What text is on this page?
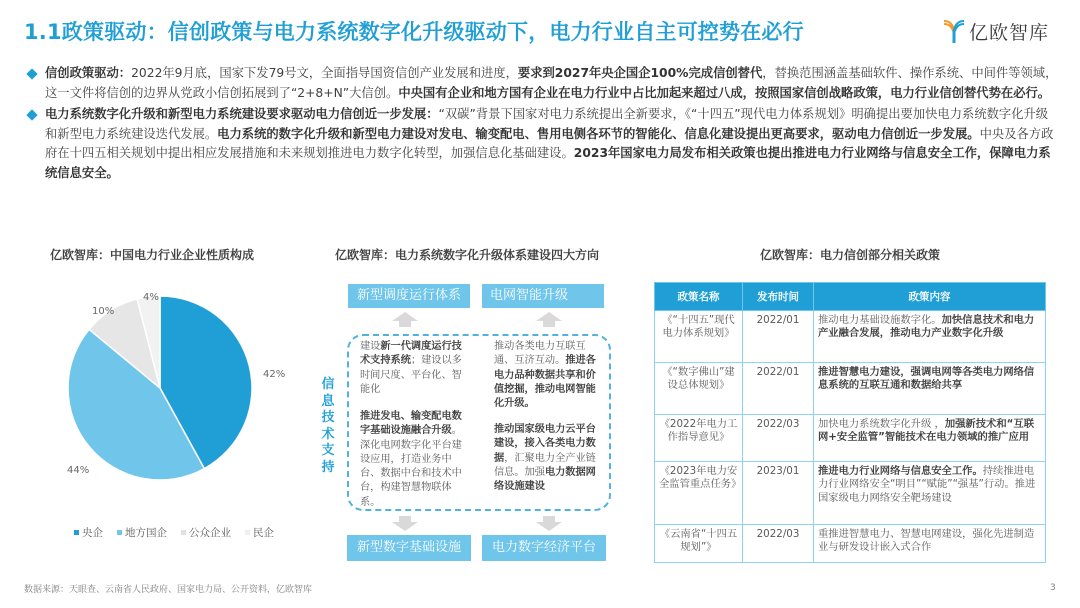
1.1政策驱动：信创政策与电力系统数字化升级驱动下，电力行业自主可控势在必行	亿欧智库
信创政策驱动：2022年9月底，国家下发79号文，全面指导国资信创产业发展和进度，要求到2027年央企国企100%完成信创替代，替换范围涵盖基础软件、操作系统、中间件等领域，这一文件将信创的边界从党政小信创拓展到了“2+8+N”大信创。中央国有企业和地方国有企业在电力行业中占比加起来超过八成，按照国家信创战略政策，电力行业信创替代势在必行。
电力系统数字化升级和新型电力系统建设要求驱动电力信创近一步发展：“双碳”背景下国家对电力系统提出全新要求，《“十四五”现代电力体系规划》明确提出要加快电力系统数字化升级和新型电力系统建设迭代发展。电力系统的数字化升级和新型电力建设对发电、输变配电、售用电侧各环节的智能化、信息化建设提出更高要求，驱动电力信创近一步发展。中央及各方政府在十四五相关规划中提出相应发展措施和未来规划推进电力数字化转型，加强信息化基础建设。2023年国家电力局发布相关政策也提出推进电力行业网络与信息安全工作，保障电力系统信息安全。
亿欧智库：中国电力行业企业性质构成
42%
44%
10%
4%
央企 地方国企 公众企业 民企
亿欧智库：电力系统数字化升级体系建设四大方向
新型调度运行体系	电网智能升级
信息技术支持
建设新一代调度运行技术支持系统；建设以多时间尺度、平台化、智能化
推进发电、输变配电数字基础设施融合升级。深化电网数字化平台建设应用，打造业务中台、数据中台和技术中台，构建智慧物联体系。
推动各类电力互联互通、互济互动。推进各电力品种数据共享和价值挖掘，推动电网智能化升级。
推动国家级电力云平台建设，接入各类电力数据，汇聚电力全产业链信息。加强电力数据网络设施建设
新型数字基础设施	电力数字经济平台
亿欧智库：电力信创部分相关政策
政策名称	发布时间	政策内容
《“十四五”现代电力体系规划》	2022/01	推动电力基础设施数字化。加快信息技术和电力产业融合发展，推动电力产业数字化升级
《“数字佛山”建设总体规划》	2022/01	推进智慧电力建设，强调电网等各类电力网络信息系统的互联互通和数据给共享
《2022年电力工作指导意见》	2022/03	加快电力系统数字化升级 ，加强新技术和“互联网+安全监管”智能技术在电力领域的推广应用
《2023年电力安全监管重点任务》	2023/01	推进电力行业网络与信息安全工作。持续推进电力行业网络安全“明目”“赋能”“强基”行动。推进国家级电力网络安全靶场建设
《云南省“十四五规划”》	2022/03	重推进智慧电力、智慧电网建设，强化先进制造业与研发设计嵌入式合作
数据来源：天眼查、云南省人民政府、国家电力局、公开资料，亿欧智库	3
